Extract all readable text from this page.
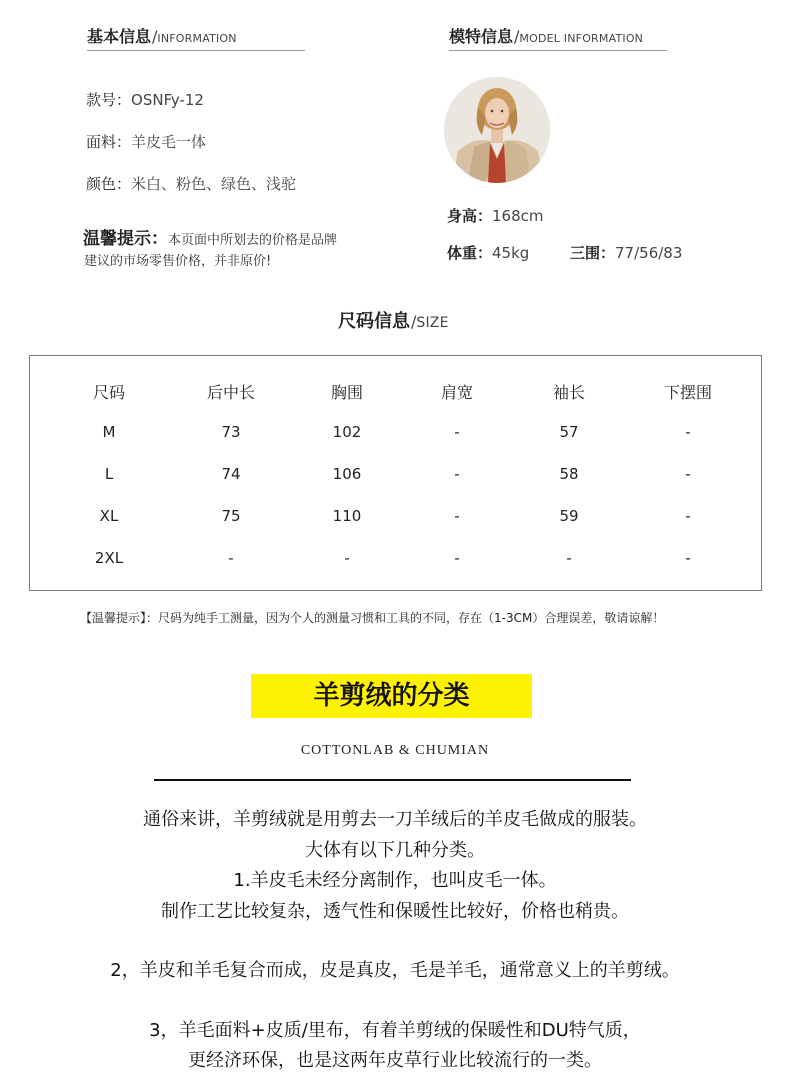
基本信息/INFORMATION
款号：OSNFy-12
面料：羊皮毛一体
颜色：米白、粉色、绿色、浅驼
温馨提示：本页面中所划去的价格是品牌
建议的市场零售价格，并非原价!
模特信息/MODEL INFORMATION
身高：168cm
体重：45kg	三围：77/56/83
尺码信息/SIZE
尺码	后中长	胸围	肩宽	袖长	下摆围
M	73	102	-	57	-
L	74	106	-	58	-
XL	75	110	-	59	-
2XL	-	-	-	-	-
【温馨提示】：尺码为纯手工测量，因为个人的测量习惯和工具的不同，存在（1-3CM）合理误差，敬请谅解！
羊剪绒的分类
COTTONLAB & CHUMIAN
通俗来讲，羊剪绒就是用剪去一刀羊绒后的羊皮毛做成的服装。
大体有以下几种分类。
1.羊皮毛未经分离制作，也叫皮毛一体。
制作工艺比较复杂，透气性和保暖性比较好，价格也稍贵。
2，羊皮和羊毛复合而成，皮是真皮，毛是羊毛，通常意义上的羊剪绒。
3，羊毛面料+皮质/里布，有着羊剪绒的保暖性和DU特气质，
更经济环保，也是这两年皮草行业比较流行的一类。
